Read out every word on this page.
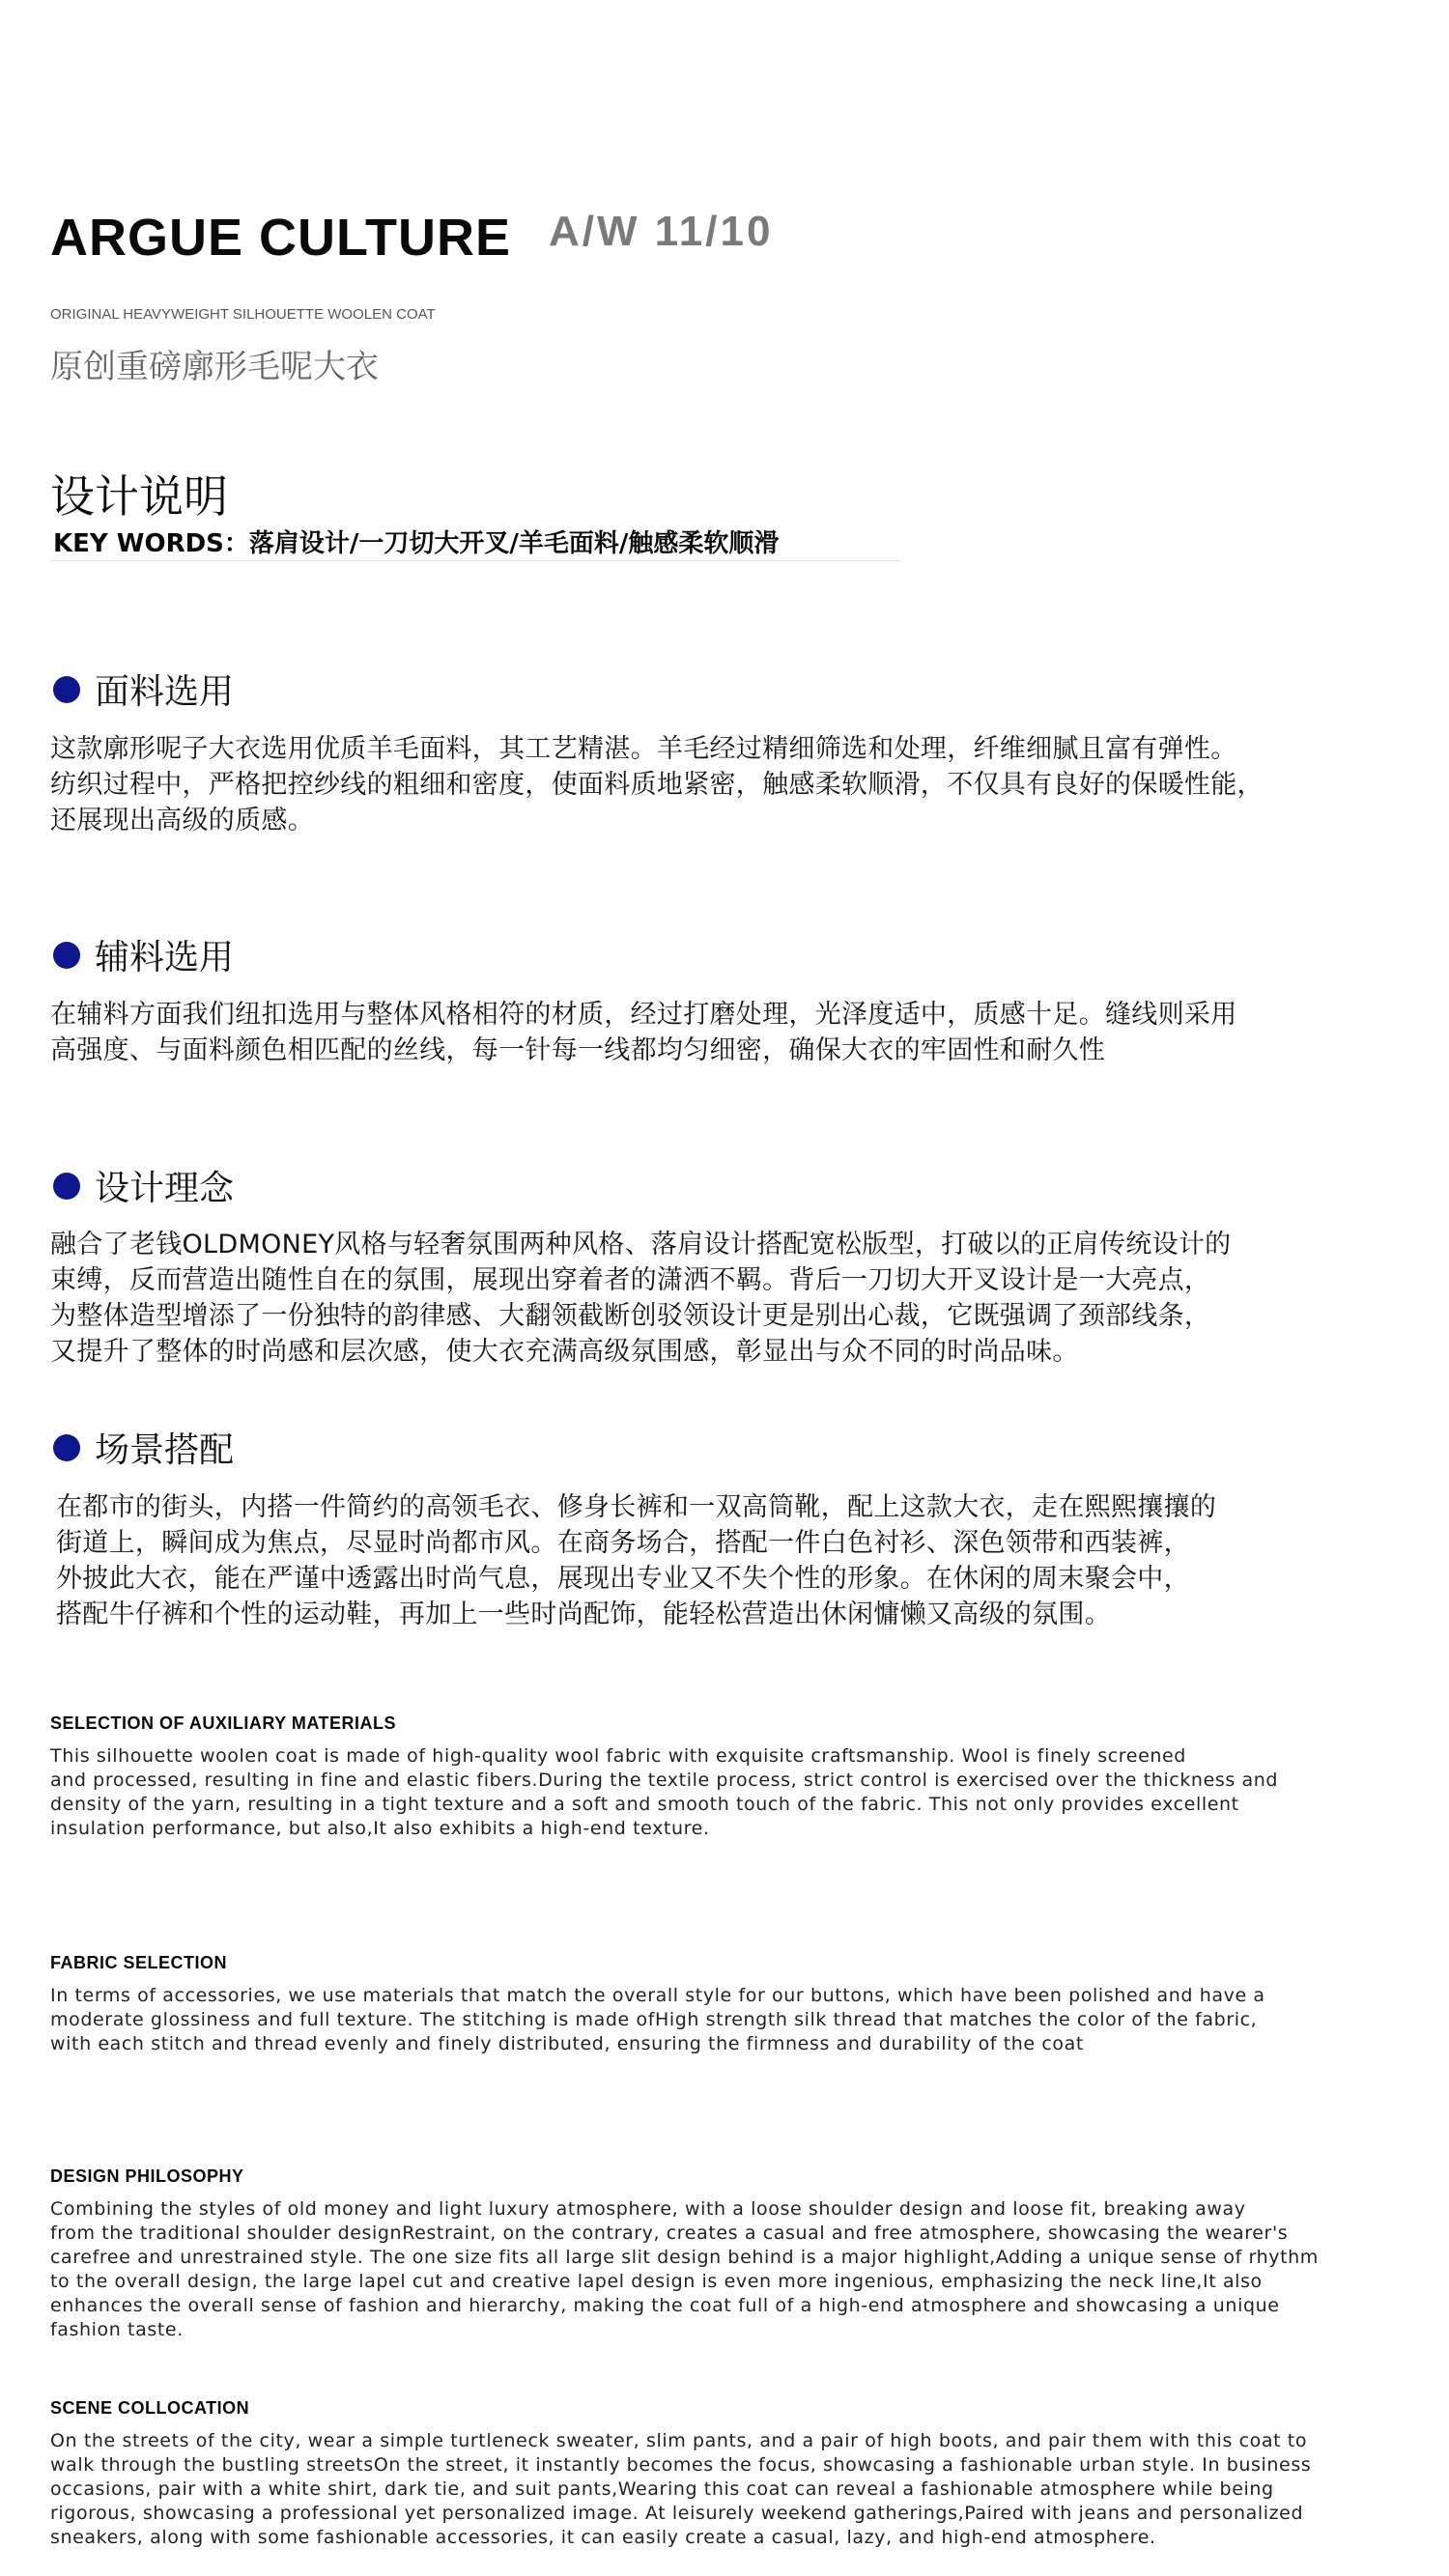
ARGUE CULTURE A/W 11/10
ORIGINAL HEAVYWEIGHT SILHOUETTE WOOLEN COAT
原创重磅廓形毛呢大衣
设计说明
KEY WORDS：落肩设计/一刀切大开叉/羊毛面料/触感柔软顺滑
面料选用
这款廓形呢子大衣选用优质羊毛面料，其工艺精湛。羊毛经过精细筛选和处理，纤维细腻且富有弹性。
纺织过程中，严格把控纱线的粗细和密度，使面料质地紧密，触感柔软顺滑，不仅具有良好的保暖性能，
还展现出高级的质感。
辅料选用
在辅料方面我们纽扣选用与整体风格相符的材质，经过打磨处理，光泽度适中，质感十足。缝线则采用
高强度、与面料颜色相匹配的丝线，每一针每一线都均匀细密，确保大衣的牢固性和耐久性
设计理念
融合了老钱OLDMONEY风格与轻奢氛围两种风格、落肩设计搭配宽松版型，打破以的正肩传统设计的
束缚，反而营造出随性自在的氛围，展现出穿着者的潇洒不羁。背后一刀切大开叉设计是一大亮点，
为整体造型增添了一份独特的韵律感、大翻领截断创驳领设计更是别出心裁，它既强调了颈部线条，
又提升了整体的时尚感和层次感，使大衣充满高级氛围感，彰显出与众不同的时尚品味。
场景搭配
在都市的街头，内搭一件简约的高领毛衣、修身长裤和一双高筒靴，配上这款大衣，走在熙熙攘攘的
街道上，瞬间成为焦点，尽显时尚都市风。在商务场合，搭配一件白色衬衫、深色领带和西装裤，
外披此大衣，能在严谨中透露出时尚气息，展现出专业又不失个性的形象。在休闲的周末聚会中，
搭配牛仔裤和个性的运动鞋，再加上一些时尚配饰，能轻松营造出休闲慵懒又高级的氛围。
SELECTION OF AUXILIARY MATERIALS
This silhouette woolen coat is made of high-quality wool fabric with exquisite craftsmanship. Wool is finely screened
and processed, resulting in fine and elastic fibers.During the textile process, strict control is exercised over the thickness and
density of the yarn, resulting in a tight texture and a soft and smooth touch of the fabric. This not only provides excellent
insulation performance, but also,It also exhibits a high-end texture.
FABRIC SELECTION
In terms of accessories, we use materials that match the overall style for our buttons, which have been polished and have a
moderate glossiness and full texture. The stitching is made ofHigh strength silk thread that matches the color of the fabric,
with each stitch and thread evenly and finely distributed, ensuring the firmness and durability of the coat
DESIGN PHILOSOPHY
Combining the styles of old money and light luxury atmosphere, with a loose shoulder design and loose fit, breaking away
from the traditional shoulder designRestraint, on the contrary, creates a casual and free atmosphere, showcasing the wearer's
carefree and unrestrained style. The one size fits all large slit design behind is a major highlight,Adding a unique sense of rhythm
to the overall design, the large lapel cut and creative lapel design is even more ingenious, emphasizing the neck line,It also
enhances the overall sense of fashion and hierarchy, making the coat full of a high-end atmosphere and showcasing a unique
fashion taste.
SCENE COLLOCATION
On the streets of the city, wear a simple turtleneck sweater, slim pants, and a pair of high boots, and pair them with this coat to
walk through the bustling streetsOn the street, it instantly becomes the focus, showcasing a fashionable urban style. In business
occasions, pair with a white shirt, dark tie, and suit pants,Wearing this coat can reveal a fashionable atmosphere while being
rigorous, showcasing a professional yet personalized image. At leisurely weekend gatherings,Paired with jeans and personalized
sneakers, along with some fashionable accessories, it can easily create a casual, lazy, and high-end atmosphere.
